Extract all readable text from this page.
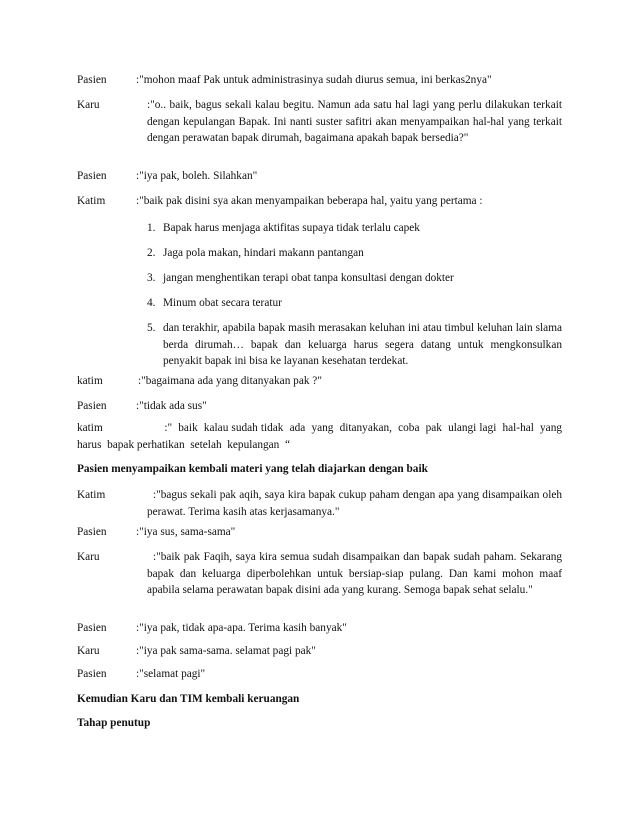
Pasien	:"mohon maaf Pak untuk administrasinya sudah diurus semua, ini berkas2nya"
Karu	:"o.. baik, bagus sekali kalau begitu. Namun ada satu hal lagi yang perlu dilakukan terkait dengan kepulangan Bapak. Ini nanti suster safitri akan menyampaikan hal-hal yang terkait dengan perawatan bapak dirumah, bagaimana apakah bapak bersedia?"
Pasien	:"iya pak, boleh. Silahkan"
Katim	:"baik pak disini sya akan menyampaikan beberapa hal, yaitu yang pertama :
1. Bapak harus menjaga aktifitas supaya tidak terlalu capek
2. Jaga pola makan, hindari makann pantangan
3. jangan menghentikan terapi obat tanpa konsultasi dengan dokter
4. Minum obat secara teratur
5. dan terakhir, apabila bapak masih merasakan keluhan ini atau timbul keluhan lain slama berda dirumah… bapak dan keluarga harus segera datang untuk mengkonsulkan penyakit bapak ini bisa ke layanan kesehatan terdekat.
katim	:"bagaimana ada yang ditanyakan pak ?"
Pasien	:"tidak ada sus"
katim                    :"  baik  kalau sudah tidak  ada  yang  ditanyakan,  coba  pak  ulangi lagi  hal-hal  yang harus  bapak perhatikan  setelah  kepulangan  “
Pasien menyampaikan kembali materi yang telah diajarkan dengan baik
Katim	:"bagus sekali pak aqih, saya kira bapak cukup paham dengan apa yang disampaikan oleh perawat. Terima kasih atas kerjasamanya."
Pasien	:"iya sus, sama-sama"
Karu	:"baik pak Faqih, saya kira semua sudah disampaikan dan bapak sudah paham. Sekarang bapak dan keluarga diperbolehkan untuk bersiap-siap pulang. Dan kami mohon maaf apabila selama perawatan bapak disini ada yang kurang. Semoga bapak sehat selalu."
Pasien	:"iya pak, tidak apa-apa. Terima kasih banyak"
Karu	:"iya pak sama-sama. selamat pagi pak"
Pasien	:"selamat pagi"
Kemudian Karu dan TIM kembali keruangan
Tahap penutup
